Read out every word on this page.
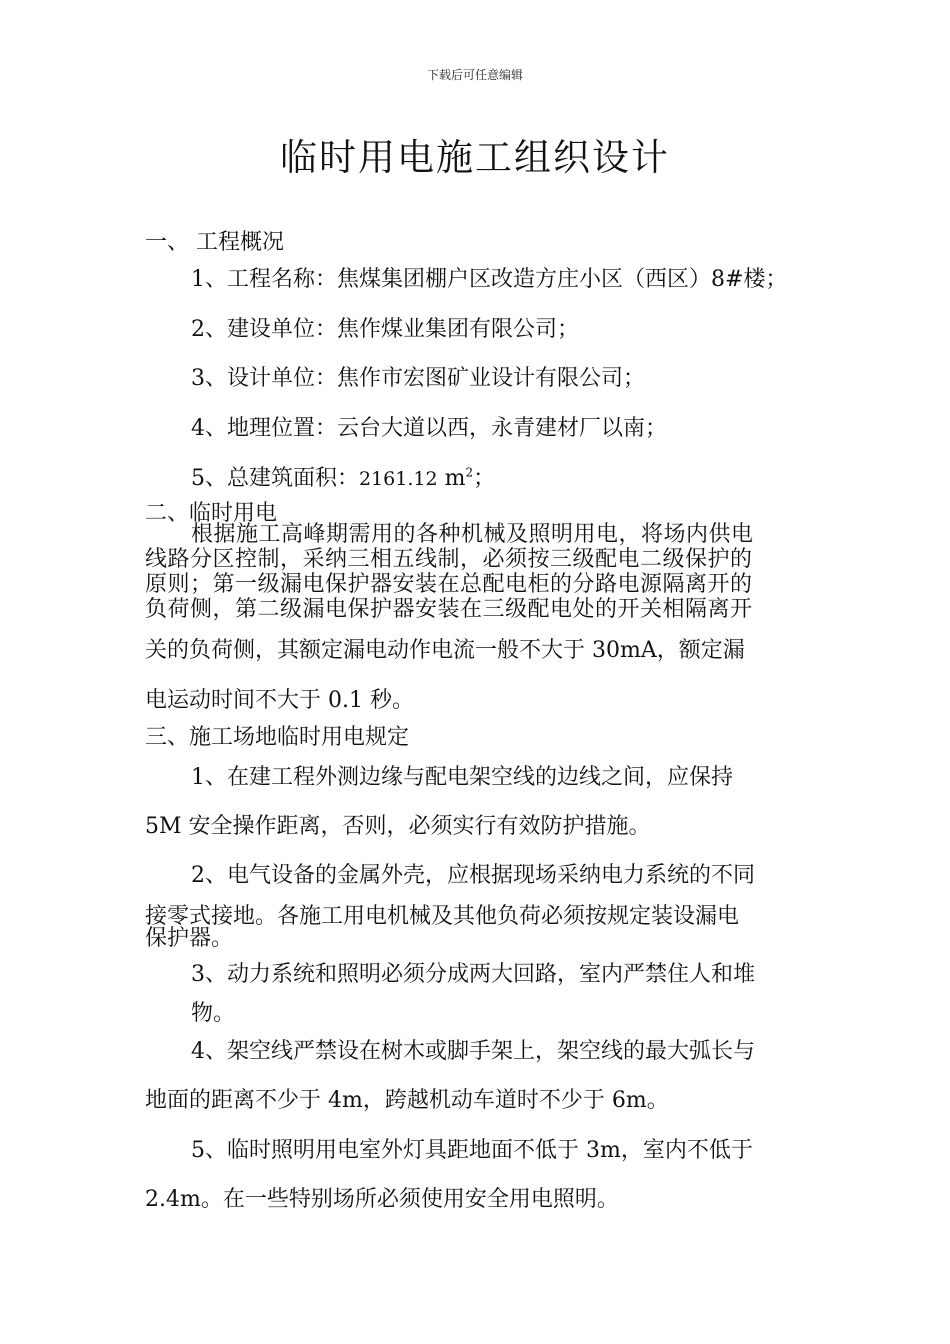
下载后可任意编辑
临时用电施工组织设计
一、 工程概况
1、工程名称：焦煤集团棚户区改造方庄小区（西区）8#楼；
2、建设单位：焦作煤业集团有限公司；
3、设计单位：焦作市宏图矿业设计有限公司；
4、地理位置：云台大道以西，永青建材厂以南；
5、总建筑面积：2161.12 $m^2$；
二、临时用电
根据施工高峰期需用的各种机械及照明用电，将场内供电
线路分区控制，采纳三相五线制，必须按三级配电二级保护的
原则；第一级漏电保护器安装在总配电柜的分路电源隔离开的
负荷侧，第二级漏电保护器安装在三级配电处的开关相隔离开
关的负荷侧，其额定漏电动作电流一般不大于 30mA，额定漏
电运动时间不大于 0.1 秒。
三、施工场地临时用电规定
1、在建工程外测边缘与配电架空线的边线之间，应保持
5M 安全操作距离，否则，必须实行有效防护措施。
2、电气设备的金属外壳，应根据现场采纳电力系统的不同
接零式接地。各施工用电机械及其他负荷必须按规定装设漏电
保护器。
3、动力系统和照明必须分成两大回路，室内严禁住人和堆
物。
4、架空线严禁设在树木或脚手架上，架空线的最大弧长与
地面的距离不少于 4m，跨越机动车道时不少于 6m。
5、临时照明用电室外灯具距地面不低于 3m，室内不低于
2.4m。在一些特别场所必须使用安全用电照明。
